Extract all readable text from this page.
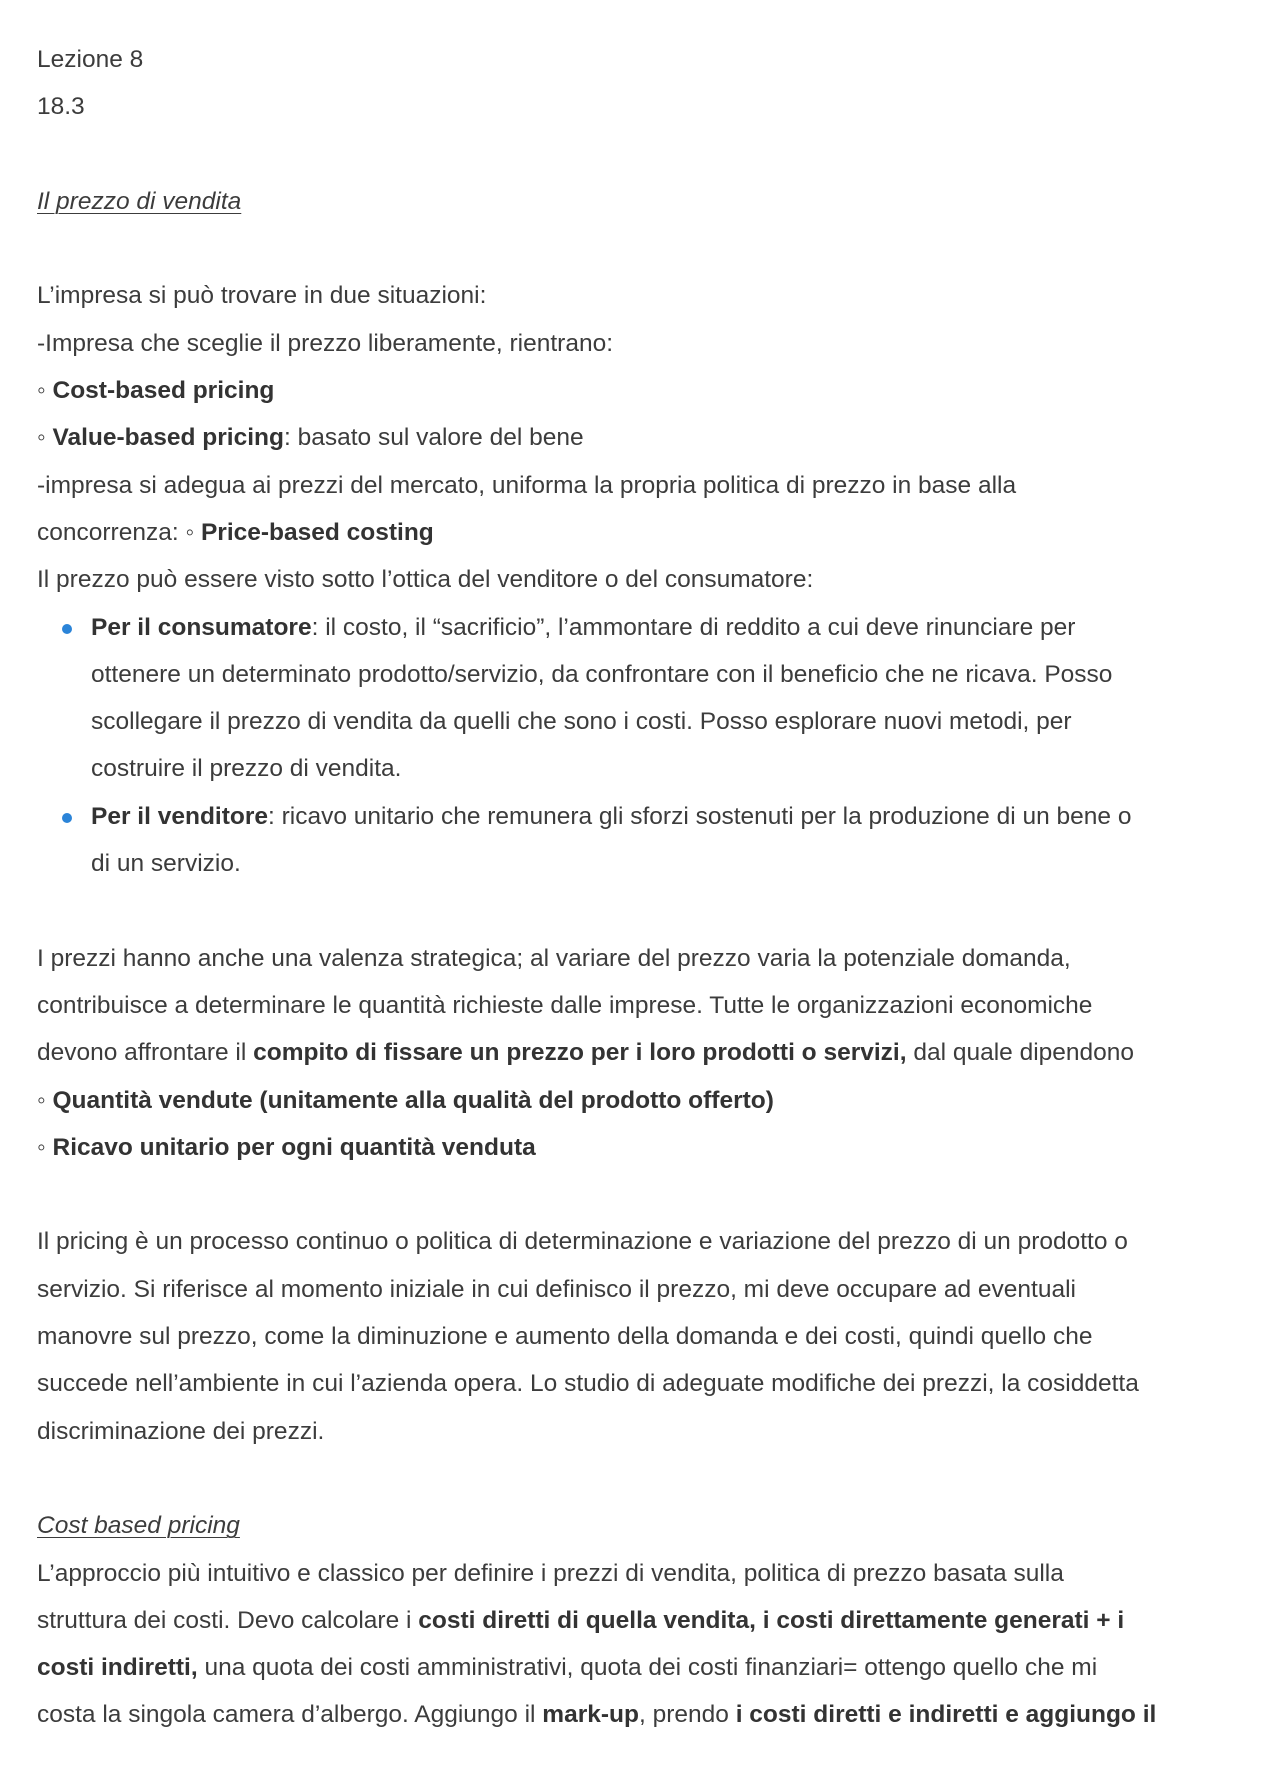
Lezione 8
18.3
Il prezzo di vendita
L’impresa si può trovare in due situazioni:
-Impresa che sceglie il prezzo liberamente, rientrano:
◦ Cost-based pricing
◦ Value-based pricing: basato sul valore del bene
-impresa si adegua ai prezzi del mercato, uniforma la propria politica di prezzo in base alla
concorrenza: ◦ Price-based costing
Il prezzo può essere visto sotto l’ottica del venditore o del consumatore:
Per il consumatore: il costo, il “sacrificio”, l’ammontare di reddito a cui deve rinunciare per
ottenere un determinato prodotto/servizio, da confrontare con il beneficio che ne ricava. Posso
scollegare il prezzo di vendita da quelli che sono i costi. Posso esplorare nuovi metodi, per
costruire il prezzo di vendita.
Per il venditore: ricavo unitario che remunera gli sforzi sostenuti per la produzione di un bene o
di un servizio.
I prezzi hanno anche una valenza strategica; al variare del prezzo varia la potenziale domanda,
contribuisce a determinare le quantità richieste dalle imprese. Tutte le organizzazioni economiche
devono affrontare il compito di fissare un prezzo per i loro prodotti o servizi, dal quale dipendono
◦ Quantità vendute (unitamente alla qualità del prodotto offerto)
◦ Ricavo unitario per ogni quantità venduta
Il pricing è un processo continuo o politica di determinazione e variazione del prezzo di un prodotto o
servizio. Si riferisce al momento iniziale in cui definisco il prezzo, mi deve occupare ad eventuali
manovre sul prezzo, come la diminuzione e aumento della domanda e dei costi, quindi quello che
succede nell’ambiente in cui l’azienda opera. Lo studio di adeguate modifiche dei prezzi, la cosiddetta
discriminazione dei prezzi.
Cost based pricing
L’approccio più intuitivo e classico per definire i prezzi di vendita, politica di prezzo basata sulla
struttura dei costi. Devo calcolare i costi diretti di quella vendita, i costi direttamente generati + i
costi indiretti, una quota dei costi amministrativi, quota dei costi finanziari= ottengo quello che mi
costa la singola camera d’albergo. Aggiungo il mark-up, prendo i costi diretti e indiretti e aggiungo il
